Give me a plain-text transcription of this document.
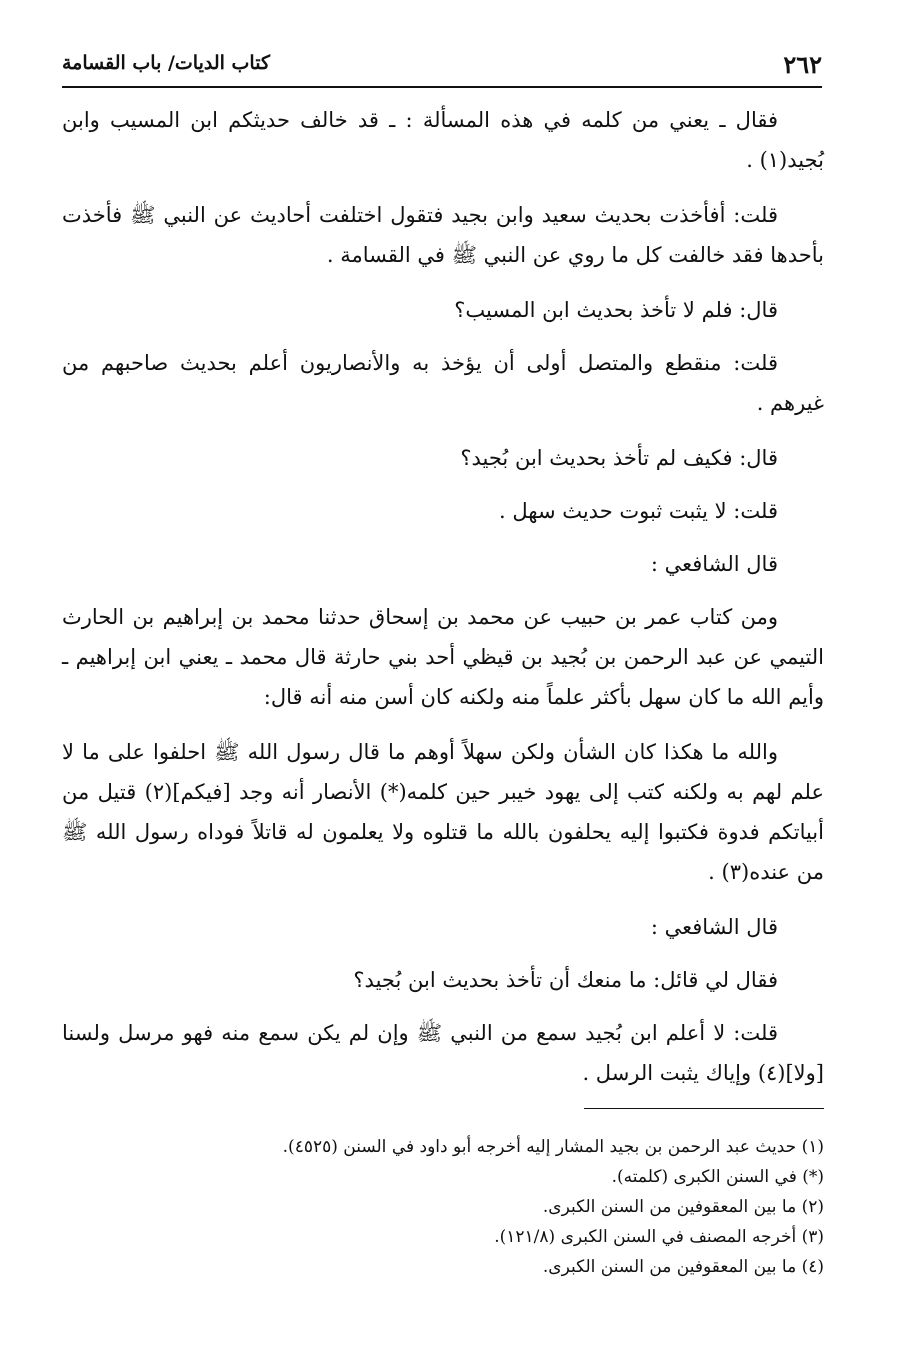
٢٦٢
كتاب الديات/ باب القسامة

فقال ـ يعني من كلمه في هذه المسألة : ـ قد خالف حديثكم ابن المسيب وابن بُجيد(١) .

قلت: أفأخذت بحديث سعيد وابن بجيد فتقول اختلفت أحاديث عن النبي ﷺ فأخذت بأحدها فقد خالفت كل ما روي عن النبي ﷺ في القسامة .

قال: فلم لا تأخذ بحديث ابن المسيب؟

قلت: منقطع والمتصل أولى أن يؤخذ به والأنصاريون أعلم بحديث صاحبهم من غيرهم .

قال: فكيف لم تأخذ بحديث ابن بُجيد؟

قلت: لا يثبت ثبوت حديث سهل .

قال الشافعي :

ومن كتاب عمر بن حبيب عن محمد بن إسحاق حدثنا محمد بن إبراهيم بن الحارث التيمي عن عبد الرحمن بن بُجيد بن قيظي أحد بني حارثة قال محمد ـ يعني ابن إبراهيم ـ وأيم الله ما كان سهل بأكثر علماً منه ولكنه كان أسن منه أنه قال:

والله ما هكذا كان الشأن ولكن سهلاً أوهم ما قال رسول الله ﷺ احلفوا على ما لا علم لهم به ولكنه كتب إلى يهود خيبر حين كلمه(*) الأنصار أنه وجد [فيكم](٢) قتيل من أبياتكم فدوة فكتبوا إليه يحلفون بالله ما قتلوه ولا يعلمون له قاتلاً فوداه رسول الله ﷺ من عنده(٣) .

قال الشافعي :

فقال لي قائل: ما منعك أن تأخذ بحديث ابن بُجيد؟

قلت: لا أعلم ابن بُجيد سمع من النبي ﷺ وإن لم يكن سمع منه فهو مرسل ولسنا [ولا](٤) وإياك يثبت الرسل .

(١) حديث عبد الرحمن بن بجيد المشار إليه أخرجه أبو داود في السنن (٤٥٢٥).

(*) في السنن الكبرى (كلمته).

(٢) ما بين المعقوفين من السنن الكبرى.

(٣) أخرجه المصنف في السنن الكبرى (١٢١/٨).

(٤) ما بين المعقوفين من السنن الكبرى.
